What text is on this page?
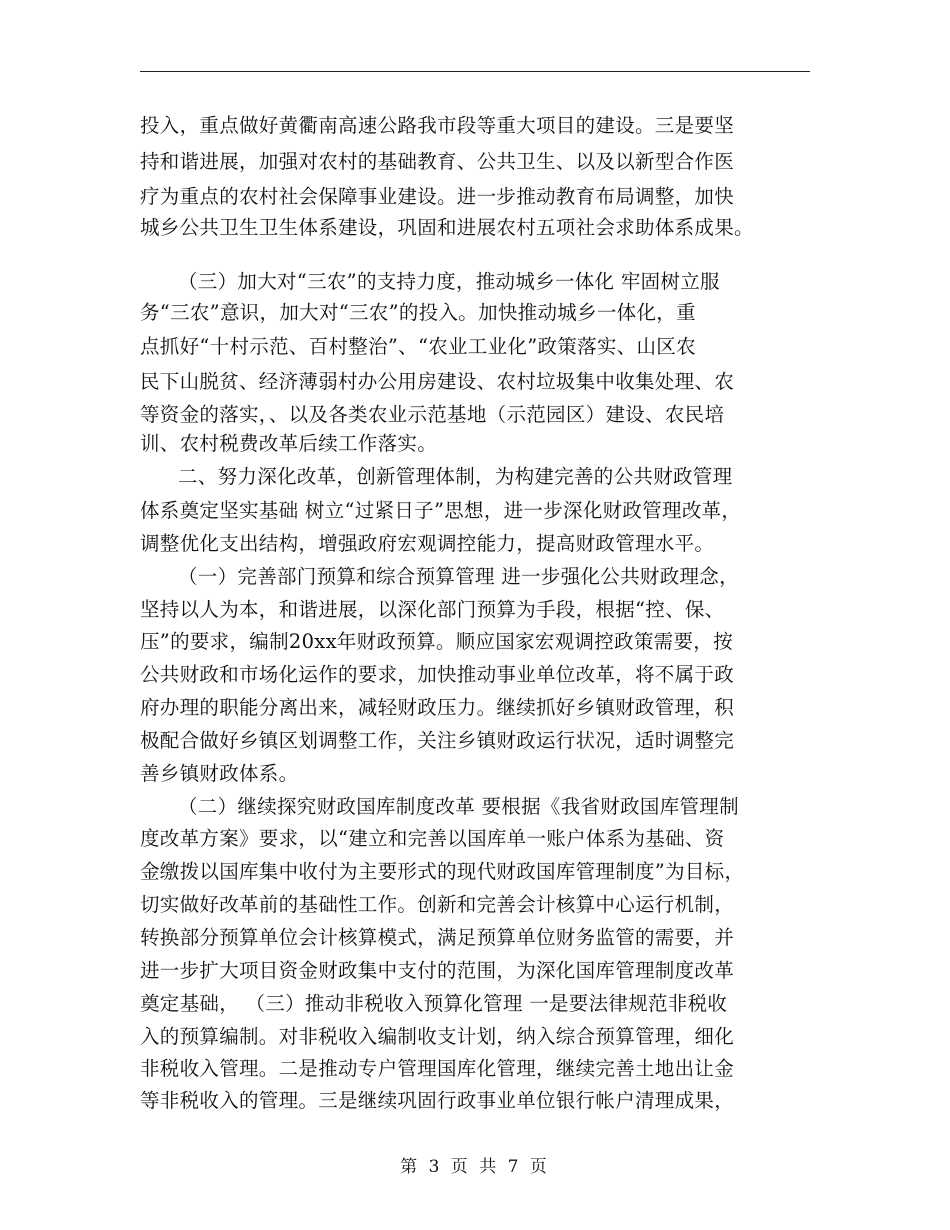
投入，重点做好黄衢南高速公路我市段等重大项目的建设。三是要坚
持和谐进展，加强对农村的基础教育、公共卫生、以及以新型合作医
疗为重点的农村社会保障事业建设。进一步推动教育布局调整，加快
城乡公共卫生卫生体系建设，巩固和进展农村五项社会求助体系成果。
（三）加大对“三农”的支持力度，推动城乡一体化 牢固树立服
务“三农”意识，加大对“三农”的投入。加快推动城乡一体化，重
点抓好“十村示范、百村整治”、“农业工业化”政策落实、山区农
民下山脱贫、经济薄弱村办公用房建设、农村垃圾集中收集处理、农
等资金的落实，、以及各类农业示范基地（示范园区）建设、农民培
训、农村税费改革后续工作落实。
二、努力深化改革，创新管理体制，为构建完善的公共财政管理
体系奠定坚实基础 树立“过紧日子”思想，进一步深化财政管理改革，
调整优化支出结构，增强政府宏观调控能力，提高财政管理水平。
（一）完善部门预算和综合预算管理 进一步强化公共财政理念，
坚持以人为本，和谐进展，以深化部门预算为手段，根据“控、保、
压”的要求，编制20xx年财政预算。顺应国家宏观调控政策需要，按
公共财政和市场化运作的要求，加快推动事业单位改革，将不属于政
府办理的职能分离出来，减轻财政压力。继续抓好乡镇财政管理，积
极配合做好乡镇区划调整工作，关注乡镇财政运行状况，适时调整完
善乡镇财政体系。
（二）继续探究财政国库制度改革 要根据《我省财政国库管理制
度改革方案》要求，以“建立和完善以国库单一账户体系为基础、资
金缴拨以国库集中收付为主要形式的现代财政国库管理制度”为目标，
切实做好改革前的基础性工作。创新和完善会计核算中心运行机制，
转换部分预算单位会计核算模式，满足预算单位财务监管的需要，并
进一步扩大项目资金财政集中支付的范围，为深化国库管理制度改革
奠定基础， （三）推动非税收入预算化管理 一是要法律规范非税收
入的预算编制。对非税收入编制收支计划，纳入综合预算管理，细化
非税收入管理。二是推动专户管理国库化管理，继续完善土地出让金
等非税收入的管理。三是继续巩固行政事业单位银行帐户清理成果，
第 3 页 共 7 页
